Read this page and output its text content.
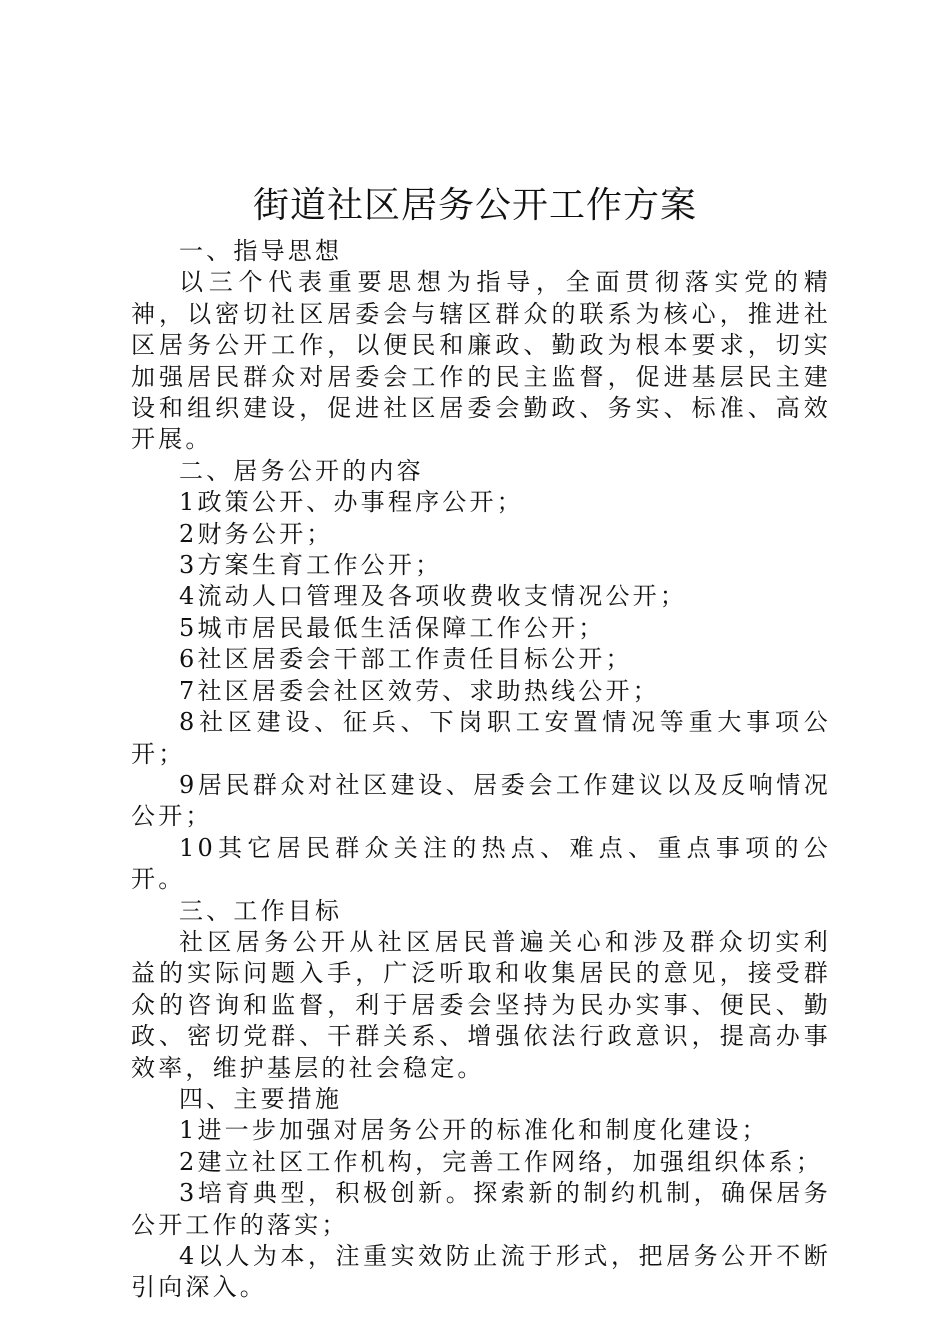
街道社区居务公开工作方案

一、指导思想

以三个代表重要思想为指导，全面贯彻落实党的精神，以密切社区居委会与辖区群众的联系为核心，推进社区居务公开工作，以便民和廉政、勤政为根本要求，切实加强居民群众对居委会工作的民主监督，促进基层民主建设和组织建设，促进社区居委会勤政、务实、标准、高效开展。

二、居务公开的内容

1政策公开、办事程序公开；

2财务公开；

3方案生育工作公开；

4流动人口管理及各项收费收支情况公开；

5城市居民最低生活保障工作公开；

6社区居委会干部工作责任目标公开；

7社区居委会社区效劳、求助热线公开；

8社区建设、征兵、下岗职工安置情况等重大事项公开；

9居民群众对社区建设、居委会工作建议以及反响情况公开；

10其它居民群众关注的热点、难点、重点事项的公开。

三、工作目标

社区居务公开从社区居民普遍关心和涉及群众切实利益的实际问题入手，广泛听取和收集居民的意见，接受群众的咨询和监督，利于居委会坚持为民办实事、便民、勤政、密切党群、干群关系、增强依法行政意识，提高办事效率，维护基层的社会稳定。

四、主要措施

1进一步加强对居务公开的标准化和制度化建设；

2建立社区工作机构，完善工作网络，加强组织体系；

3培育典型，积极创新。探索新的制约机制，确保居务公开工作的落实；

4以人为本，注重实效防止流于形式，把居务公开不断引向深入。
